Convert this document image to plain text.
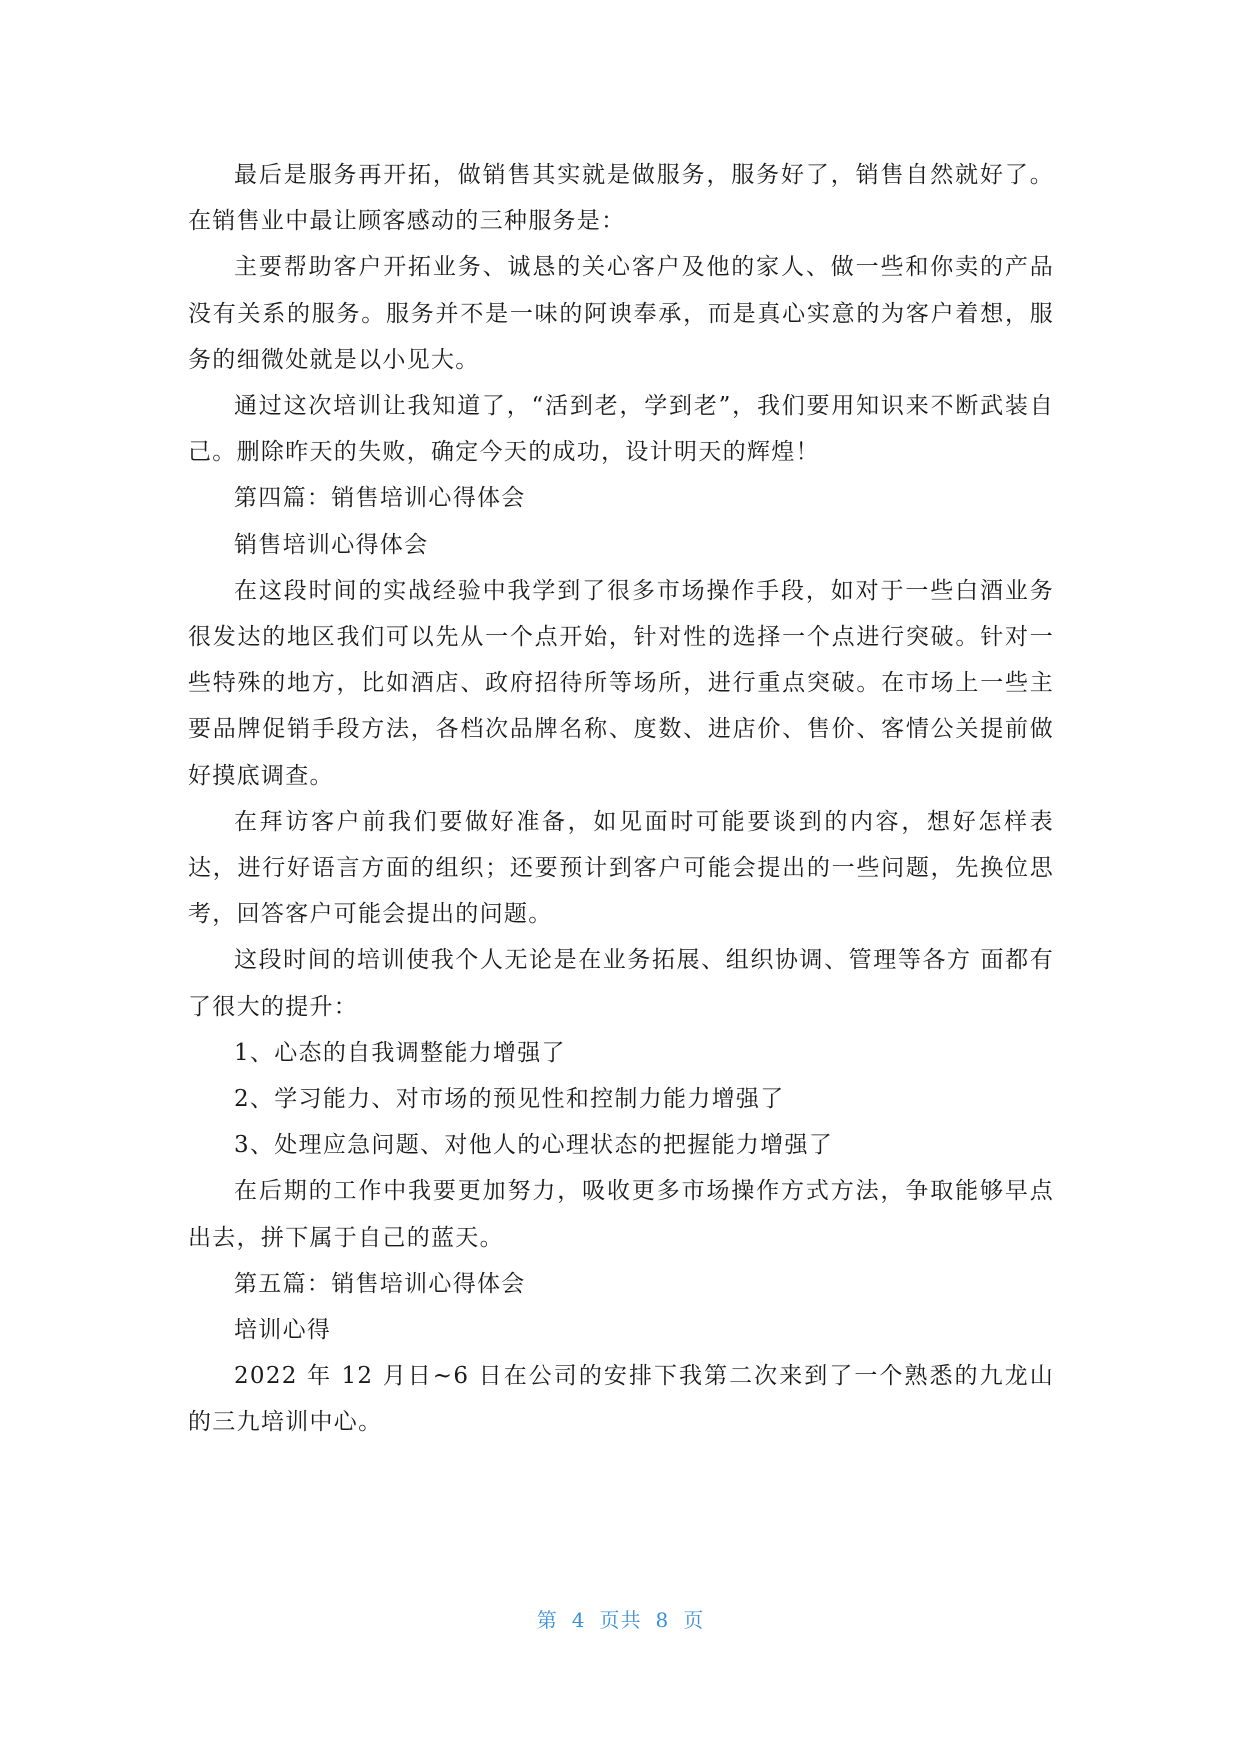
最后是服务再开拓，做销售其实就是做服务，服务好了，销售自然就好了。在销售业中最让顾客感动的三种服务是：

主要帮助客户开拓业务、诚恳的关心客户及他的家人、做一些和你卖的产品没有关系的服务。服务并不是一味的阿谀奉承，而是真心实意的为客户着想，服务的细微处就是以小见大。

通过这次培训让我知道了，“活到老，学到老”，我们要用知识来不断武装自己。删除昨天的失败，确定今天的成功，设计明天的辉煌！

第四篇：销售培训心得体会

销售培训心得体会

在这段时间的实战经验中我学到了很多市场操作手段，如对于一些白酒业务很发达的地区我们可以先从一个点开始，针对性的选择一个点进行突破。针对一些特殊的地方，比如酒店、政府招待所等场所，进行重点突破。在市场上一些主要品牌促销手段方法，各档次品牌名称、度数、进店价、售价、客情公关提前做好摸底调查。

在拜访客户前我们要做好准备，如见面时可能要谈到的内容，想好怎样表达，进行好语言方面的组织；还要预计到客户可能会提出的一些问题，先换位思考，回答客户可能会提出的问题。

这段时间的培训使我个人无论是在业务拓展、组织协调、管理等各方 面都有了很大的提升：

1、心态的自我调整能力增强了

2、学习能力、对市场的预见性和控制力能力增强了

3、处理应急问题、对他人的心理状态的把握能力增强了

在后期的工作中我要更加努力，吸收更多市场操作方式方法，争取能够早点出去，拼下属于自己的蓝天。

第五篇：销售培训心得体会

培训心得

2022 年 12 月日~6 日在公司的安排下我第二次来到了一个熟悉的九龙山的三九培训中心。

第 4 页共 8 页
